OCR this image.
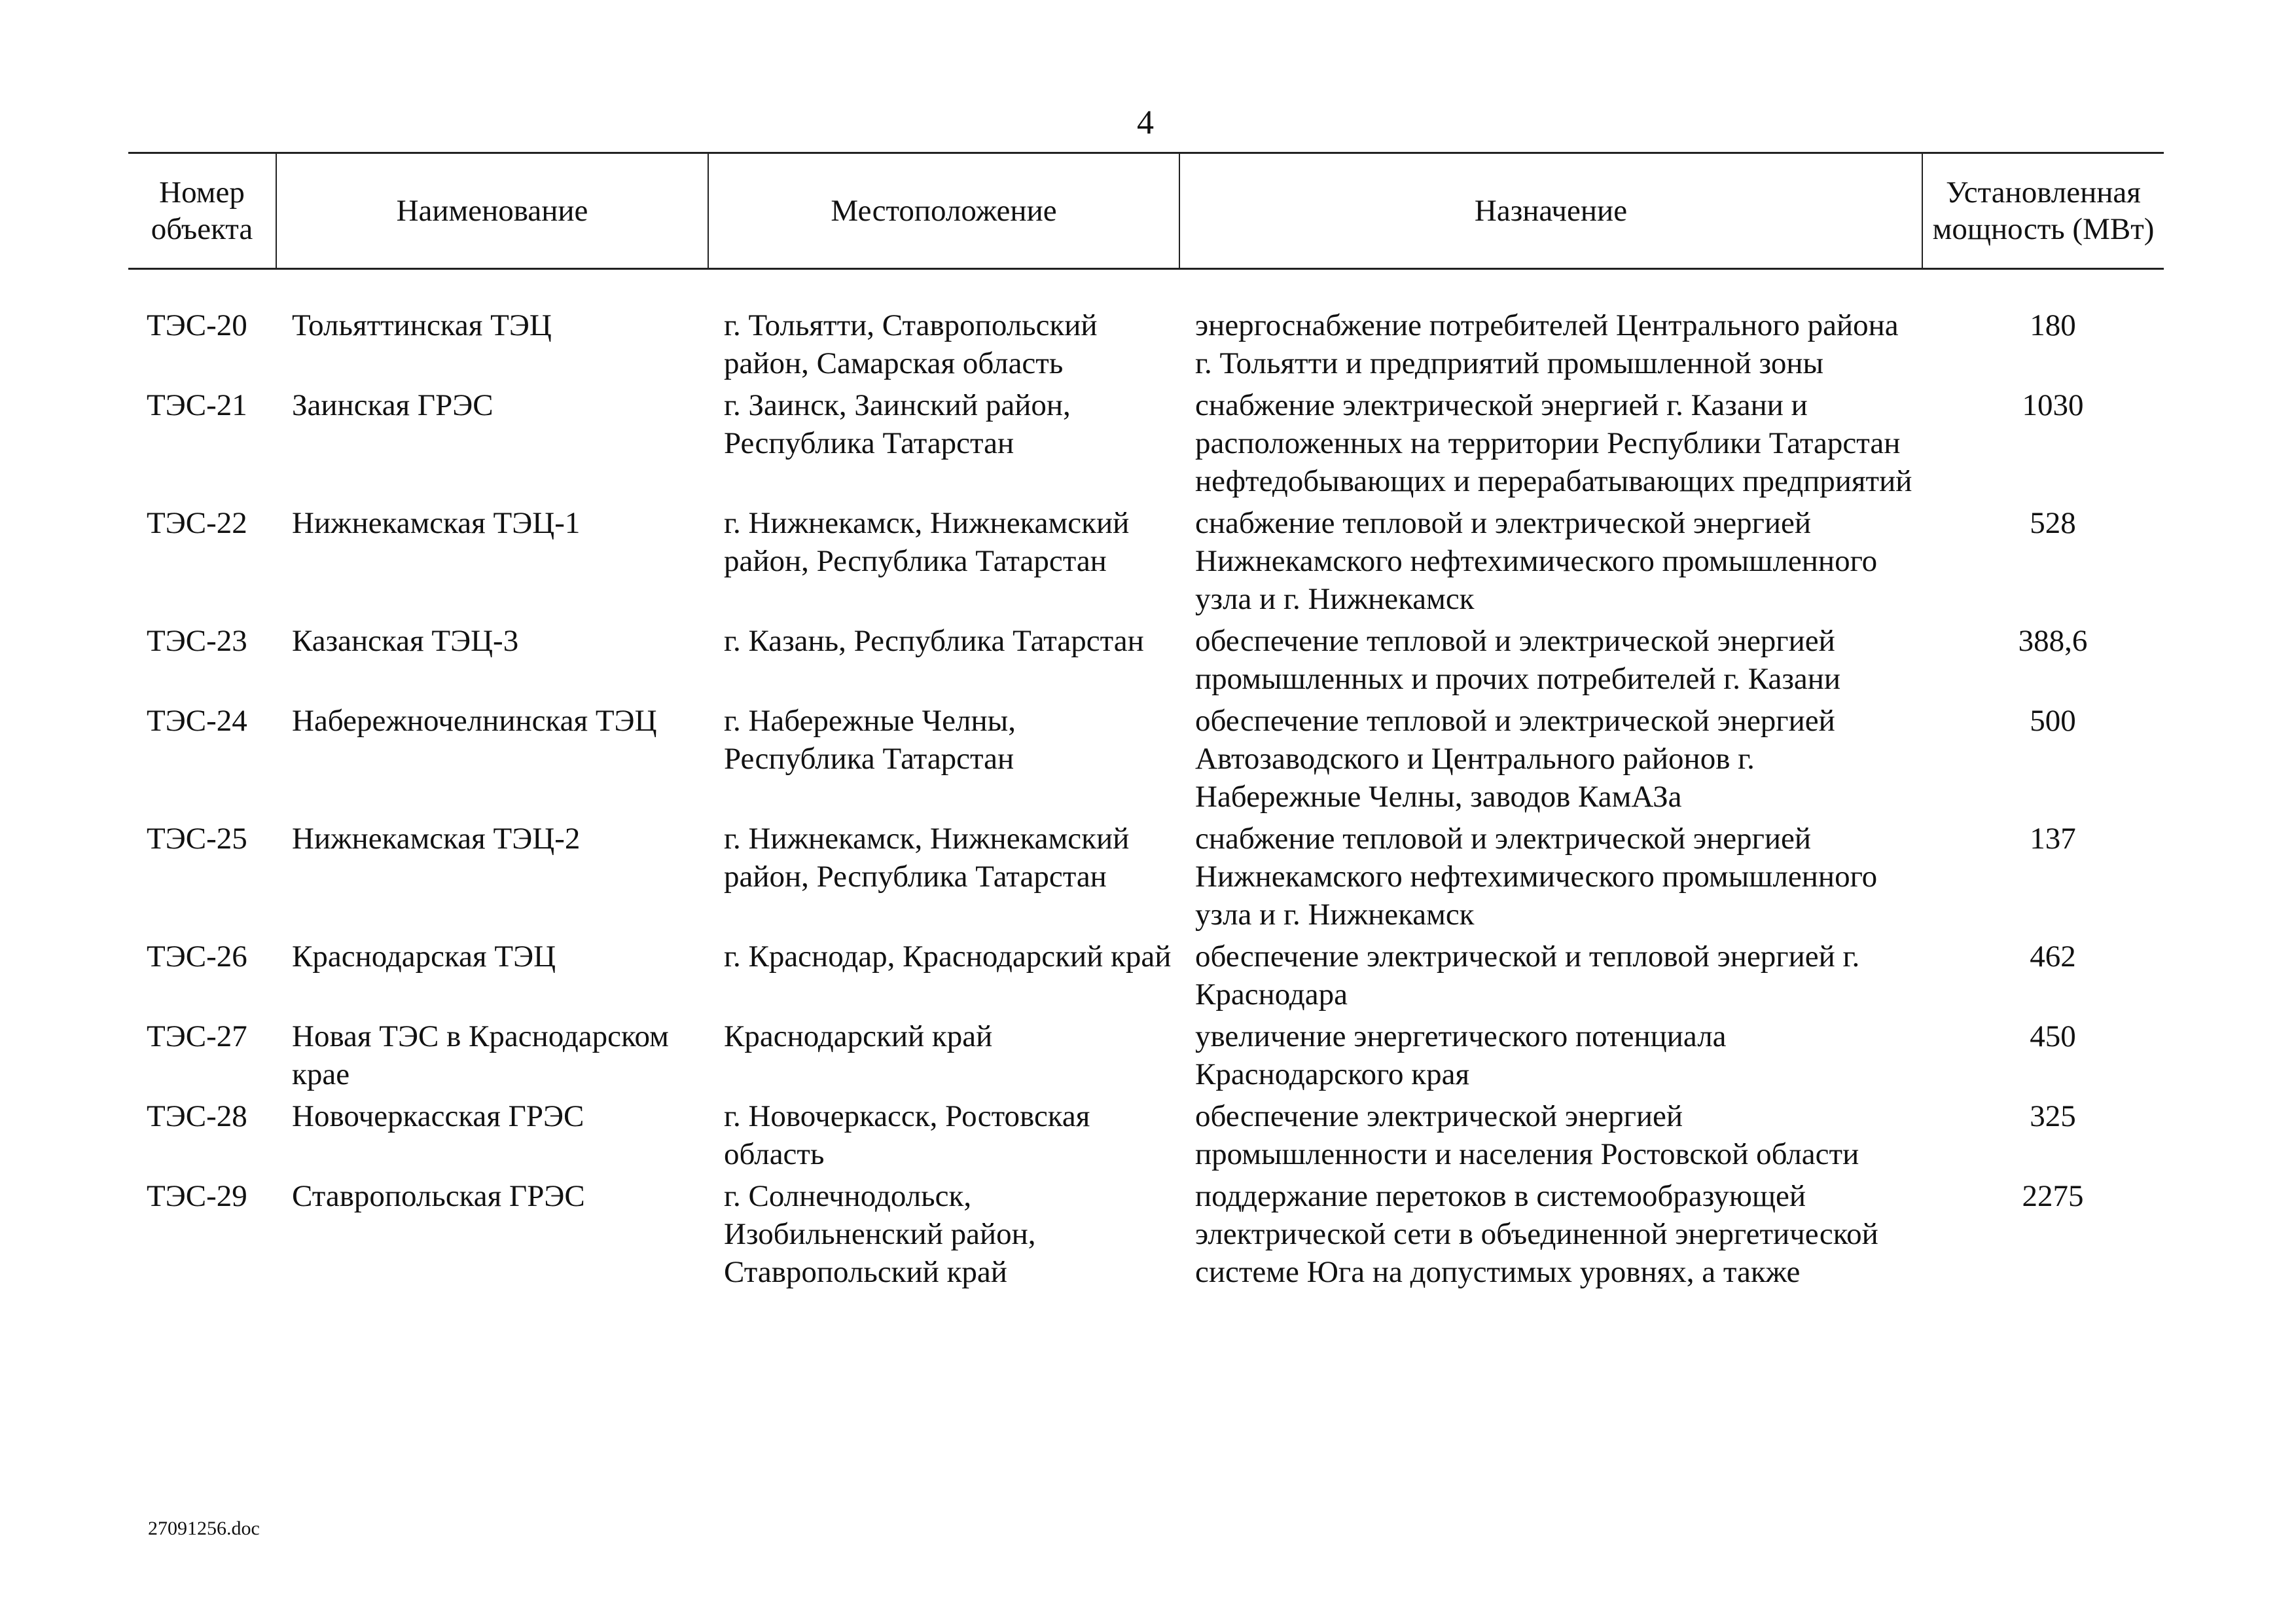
4
Номер объекта	Наименование	Местоположение	Назначение	Установленная мощность (МВт)

ТЭС-20	Тольяттинская ТЭЦ	г. Тольятти, Ставропольский район, Самарская область	энергоснабжение потребителей Центрального района г. Тольятти и предприятий промышленной зоны	180
ТЭС-21	Заинская ГРЭС	г. Заинск, Заинский район, Республика Татарстан	снабжение электрической энергией г. Казани и расположенных на территории Республики Татарстан нефтедобывающих и перерабатывающих предприятий	1030
ТЭС-22	Нижнекамская ТЭЦ-1	г. Нижнекамск, Нижнекамский район, Республика Татарстан	снабжение тепловой и электрической энергией Нижнекамского нефтехимического промышленного узла и г. Нижнекамск	528
ТЭС-23	Казанская ТЭЦ-3	г. Казань, Республика Татарстан	обеспечение тепловой и электрической энергией промышленных и прочих потребителей г. Казани	388,6
ТЭС-24	Набережночелнинская ТЭЦ	г. Набережные Челны, Республика Татарстан	обеспечение тепловой и электрической энергией Автозаводского и Центрального районов г. Набережные Челны, заводов КамАЗа	500
ТЭС-25	Нижнекамская ТЭЦ-2	г. Нижнекамск, Нижнекамский район, Республика Татарстан	снабжение тепловой и электрической энергией Нижнекамского нефтехимического промышленного узла и г. Нижнекамск	137
ТЭС-26	Краснодарская ТЭЦ	г. Краснодар, Краснодарский край	обеспечение электрической и тепловой энергией г. Краснодара	462
ТЭС-27	Новая ТЭС в Краснодарском крае	Краснодарский край	увеличение энергетического потенциала Краснодарского края	450
ТЭС-28	Новочеркасская ГРЭС	г. Новочеркасск, Ростовская область	обеспечение электрической энергией промышленности и населения Ростовской области	325
ТЭС-29	Ставропольская ГРЭС	г. Солнечнодольск, Изобильненский район, Ставропольский край	поддержание перетоков в системообразующей электрической сети в объединенной энергетической системе Юга на допустимых уровнях, а также	2275
27091256.doc
